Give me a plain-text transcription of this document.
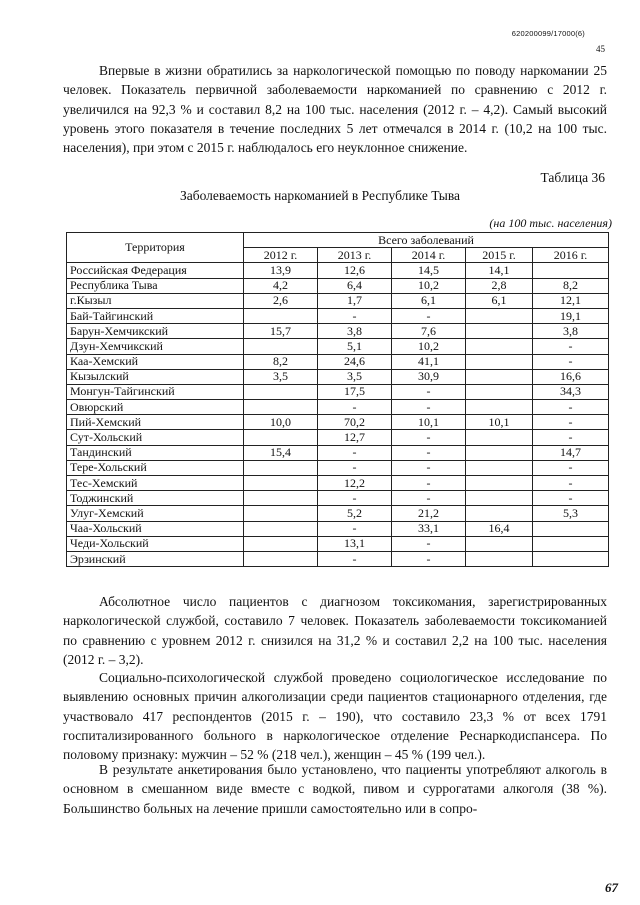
620200099/17000(6)
45

Впервые в жизни обратились за наркологической помощью по поводу наркомании 25 человек. Показатель первичной заболеваемости наркоманией по сравнению с 2012 г. увеличился на 92,3 % и составил 8,2 на 100 тыс. населения (2012 г. – 4,2). Самый высокий уровень этого показателя в течение последних 5 лет отмечался в 2014 г. (10,2 на 100 тыс. населения), при этом с 2015 г. наблюдалось его неуклонное снижение.

Таблица 36
Заболеваемость наркоманией в Республике Тыва
(на 100 тыс. населения)
Территория	Всего заболеваний				
	2012 г.	2013 г.	2014 г.	2015 г.	2016 г.
Российская Федерация	13,9	12,6	14,5	14,1	
Республика Тыва	4,2	6,4	10,2	2,8	8,2
г.Кызыл	2,6	1,7	6,1	6,1	12,1
Бай-Тайгинский		-	-		19,1
Барун-Хемчикский	15,7	3,8	7,6		3,8
Дзун-Хемчикский		5,1	10,2		-
Каа-Хемский	8,2	24,6	41,1		-
Кызылский	3,5	3,5	30,9		16,6
Монгун-Тайгинский		17,5	-		34,3
Овюрский		-	-		-
Пий-Хемский	10,0	70,2	10,1	10,1	-
Сут-Хольский		12,7	-		-
Тандинский	15,4	-	-		14,7
Тере-Хольский		-	-		-
Тес-Хемский		12,2	-		-
Тоджинский		-	-		-
Улуг-Хемский		5,2	21,2		5,3
Чаа-Хольский		-	33,1	16,4	
Чеди-Хольский		13,1	-		
Эрзинский		-	-		

Абсолютное число пациентов с диагнозом токсикомания, зарегистрированных наркологической службой, составило 7 человек. Показатель заболеваемости токсикоманией по сравнению с уровнем 2012 г. снизился на 31,2 % и составил 2,2 на 100 тыс. населения (2012 г. – 3,2).

Социально-психологической службой проведено социологическое исследование по выявлению основных причин алкоголизации среди пациентов стационарного отделения, где участвовало 417 респондентов (2015 г. – 190), что составило 23,3 % от всех 1791 госпитализированного больного в наркологическое отделение Реснаркодиспансера. По половому признаку: мужчин – 52 % (218 чел.), женщин – 45 % (199 чел.).

В результате анкетирования было установлено, что пациенты употребляют алкоголь в основном в смешанном виде вместе с водкой, пивом и суррогатами алкоголя (38 %). Большинство больных на лечение пришли самостоятельно или в сопро-

67
